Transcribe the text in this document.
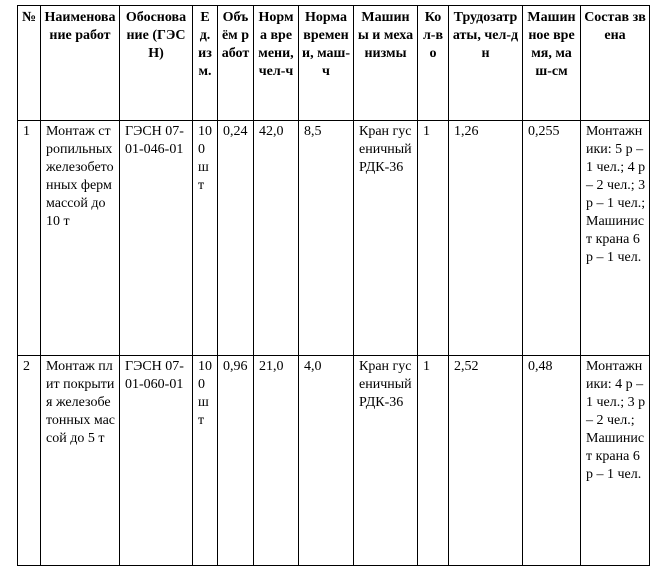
№	Наименование работ	Обоснование (ГЭСН)	Ед. изм.	Объём работ	Норма времени, чел-ч	Норма времени, маш-ч	Машины и механизмы	Кол-во	Трудозатраты, чел-дн	Машинное время, маш-см	Состав звена
1	Монтаж стропильных железобетонных ферм массой до 10 т	ГЭСН 07-01-046-01	100 шт	0,24	42,0	8,5	Кран гусеничный РДК-36	1	1,26	0,255	Монтажники: 5 р – 1 чел.; 4 р – 2 чел.; 3 р – 1 чел.; Машинист крана 6 р – 1 чел.
2	Монтаж плит покрытия железобетонных массой до 5 т	ГЭСН 07-01-060-01	100 шт	0,96	21,0	4,0	Кран гусеничный РДК-36	1	2,52	0,48	Монтажники: 4 р – 1 чел.; 3 р – 2 чел.; Машинист крана 6 р – 1 чел.
